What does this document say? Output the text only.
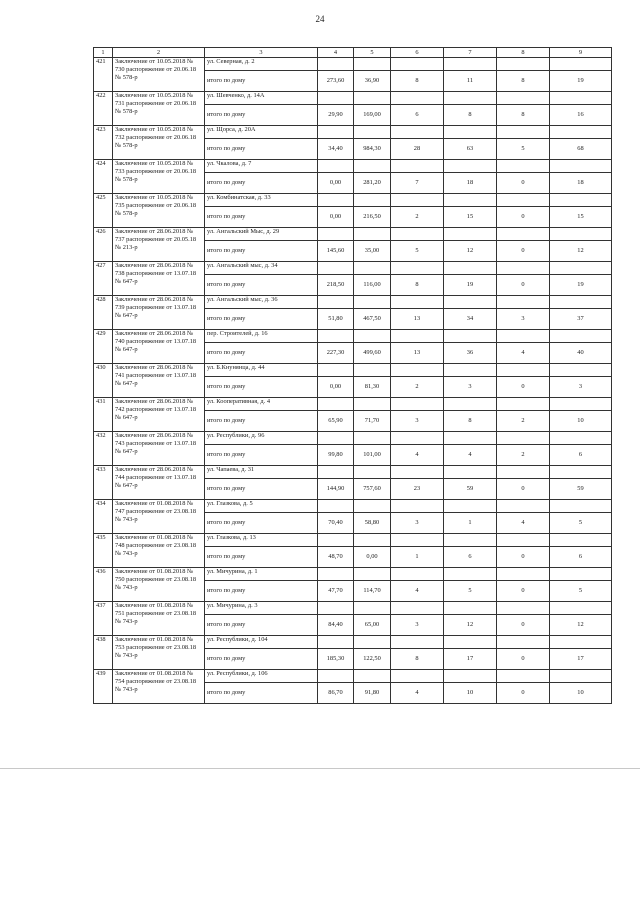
24
1	2	3	4	5	6	7	8	9
421	Заключение от 10.05.2018 № 730 распоряжение от 20.06.18 № 578-р	ул. Северная, д. 2						
		итого по дому	273,60	36,90	8	11	8	19
422	Заключение от 10.05.2018 № 731 распоряжение от 20.06.18 № 578-р	ул. Шевченко, д. 14А						
		итого по дому	29,90	169,00	6	8	8	16
423	Заключение от 10.05.2018 № 732 распоряжение от 20.06.18 № 578-р	ул. Щорса, д. 20А						
		итого по дому	34,40	984,30	28	63	5	68
424	Заключение от 10.05.2018 № 733 распоряжение от 20.06.18 № 578-р	ул. Чкалова, д. 7						
		итого по дому	0,00	281,20	7	18	0	18
425	Заключение от 10.05.2018 № 735 распоряжение от 20.06.18 № 578-р	ул. Комбинатская, д. 33						
		итого по дому	0,00	216,50	2	15	0	15
426	Заключение от 28.06.2018 № 737 распоряжение от 20.05.18 № 213-р	ул. Ангальский Мыс, д. 29						
		итого по дому	145,60	35,00	5	12	0	12
427	Заключение от 28.06.2018 № 738 распоряжение от 13.07.18 № 647-р	ул. Ангальский мыс, д. 34						
		итого по дому	218,50	116,00	8	19	0	19
428	Заключение от 28.06.2018 № 739 распоряжение от 13.07.18 № 647-р	ул. Ангальский мыс, д. 36						
		итого по дому	51,80	467,50	13	34	3	37
429	Заключение от 28.06.2018 № 740 распоряжение от 13.07.18 № 647-р	пер. Строителей, д. 16						
		итого по дому	227,30	499,60	13	36	4	40
430	Заключение от 28.06.2018 № 741 распоряжение от 13.07.18 № 647-р	ул. Б.Кнунянца, д. 44						
		итого по дому	0,00	81,30	2	3	0	3
431	Заключение от 28.06.2018 № 742 распоряжение от 13.07.18 № 647-р	ул. Кооперативная, д. 4						
		итого по дому	65,90	71,70	3	8	2	10
432	Заключение от 28.06.2018 № 743 распоряжение от 13.07.18 № 647-р	ул. Республики, д. 96						
		итого по дому	99,80	101,00	4	4	2	6
433	Заключение от 28.06.2018 № 744 распоряжение от 13.07.18 № 647-р	ул. Чапаева, д. 31						
		итого по дому	144,90	757,60	23	59	0	59
434	Заключение от 01.08.2018 № 747 распоряжение от 23.08.18 № 743-р	ул. Глазкова, д. 5						
		итого по дому	70,40	58,80	3	1	4	5
435	Заключение от 01.08.2018 № 748 распоряжение от 23.08.18 № 743-р	ул. Глазкова, д. 13						
		итого по дому	48,70	0,00	1	6	0	6
436	Заключение от 01.08.2018 № 750 распоряжение от 23.08.18 № 743-р	ул. Мичурина, д. 1						
		итого по дому	47,70	114,70	4	5	0	5
437	Заключение от 01.08.2018 № 751 распоряжение от 23.08.18 № 743-р	ул. Мичурина, д. 3						
		итого по дому	84,40	65,00	3	12	0	12
438	Заключение от 01.08.2018 № 753 распоряжение от 23.08.18 № 743-р	ул. Республики, д. 104						
		итого по дому	185,30	122,50	8	17	0	17
439	Заключение от 01.08.2018 № 754 распоряжение от 23.08.18 № 743-р	ул. Республики, д. 106						
		итого по дому	86,70	91,80	4	10	0	10
